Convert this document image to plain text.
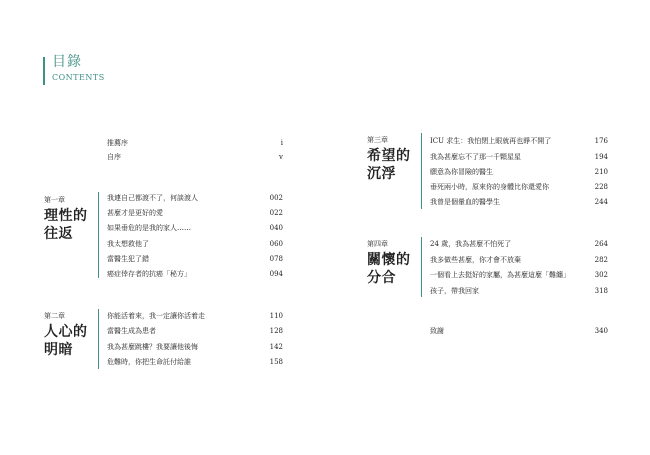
目錄
CONTENTS
推薦序	i
自序	v
第一章
理性的
往返
我連自己都渡不了，何談渡人	002
甚麼才是更好的愛	022
如果垂危的是我的家人……	040
我太想救他了	060
當醫生犯了錯	078
癌症倖存者的抗癌「秘方」	094
第二章
人心的
明暗
你能活着來，我一定讓你活着走	110
當醫生成為患者	128
我為甚麼跳樓？我要讓他後悔	142
危難時，你把生命託付給誰	158
第三章
希望的
沉浮
ICU 求生：我怕閉上眼就再也睜不開了	176
我為甚麼忘不了那一千顆星星	194
願意為你冒險的醫生	210
垂死兩小時，原來你的身體比你還愛你	228
我曾是個暈血的醫學生	244
第四章
關懷的
分合
24 歲，我為甚麼不怕死了	264
我多做些甚麼，你才會不放棄	282
一個看上去挺好的家屬，為甚麼這麼「難纏」	302
孩子，帶我回家	318
致謝	340
